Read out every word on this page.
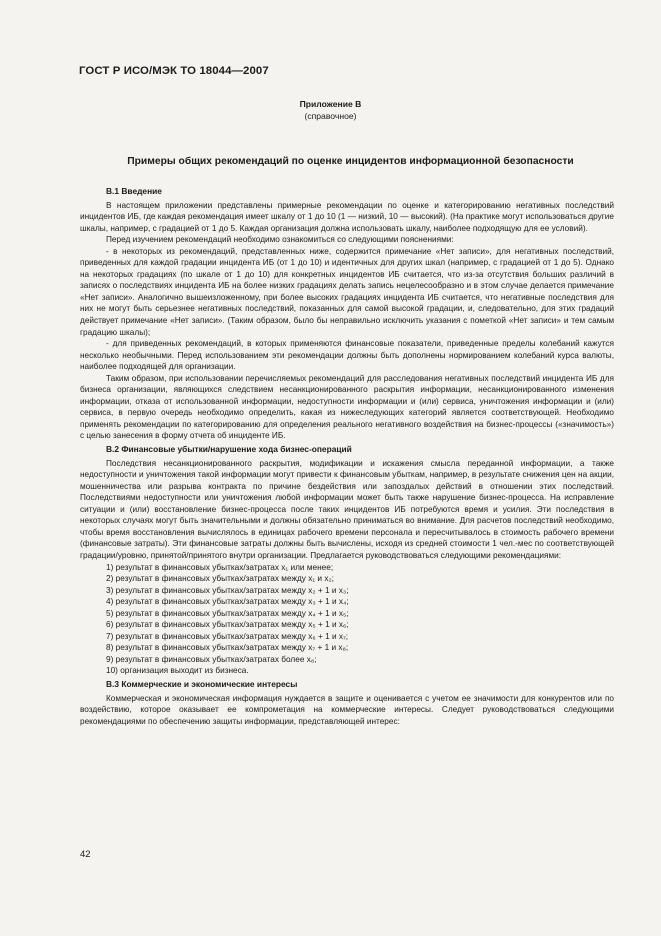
ГОСТ Р ИСО/МЭК ТО 18044—2007
Приложение В
(справочное)
Примеры общих рекомендаций по оценке инцидентов информационной безопасности
В.1 Введение

В настоящем приложении представлены примерные рекомендации по оценке и категорированию негативных последствий инцидентов ИБ, где каждая рекомендация имеет шкалу от 1 до 10 (1 — низкий, 10 — высокий). (На практике могут использоваться другие шкалы, например, с градацией от 1 до 5. Каждая организация должна использовать шкалу, наиболее подходящую для ее условий).

Перед изучением рекомендаций необходимо ознакомиться со следующими пояснениями:

- в некоторых из рекомендаций, представленных ниже, содержится примечание «Нет записи», для негативных последствий, приведенных для каждой градации инцидента ИБ (от 1 до 10) и идентичных для других шкал (например, с градацией от 1 до 5). Однако на некоторых градациях (по шкале от 1 до 10) для конкретных инцидентов ИБ считается, что из-за отсутствия больших различий в записях о последствиях инцидента ИБ на более низких градациях делать запись нецелесообразно и в этом случае делается примечание «Нет записи». Аналогично вышеизложенному, при более высоких градациях инцидента ИБ считается, что негативные последствия для них не могут быть серьезнее негативных последствий, показанных для самой высокой градации, и, следовательно, для этих градаций действует примечание «Нет записи». (Таким образом, было бы неправильно исключить указания с пометкой «Нет записи» и тем самым градацию шкалы);

- для приведенных рекомендаций, в которых применяются финансовые показатели, приведенные пределы колебаний кажутся несколько необычными. Перед использованием эти рекомендации должны быть дополнены нормированием колебаний курса валюты, наиболее подходящей для организации.

Таким образом, при использовании перечисляемых рекомендаций для расследования негативных последствий инцидента ИБ для бизнеса организации, являющихся следствием несанкционированного раскрытия информации, несанкционированного изменения информации, отказа от использованной информации, недоступности информации и (или) сервиса, уничтожения информации и (или) сервиса, в первую очередь необходимо определить, какая из нижеследующих категорий является соответствующей. Необходимо применять рекомендации по категорированию для определения реального негативного воздействия на бизнес-процессы («значимость») с целью занесения в форму отчета об инциденте ИБ.

В.2 Финансовые убытки/нарушение хода бизнес-операций

Последствия несанкционированного раскрытия, модификации и искажения смысла переданной информации, а также недоступности и уничтожения такой информации могут привести к финансовым убыткам, например, в результате снижения цен на акции, мошенничества или разрыва контракта по причине бездействия или запоздалых действий в отношении этих последствий. Последствиями недоступности или уничтожения любой информации может быть также нарушение бизнес-процесса. На исправление ситуации и (или) восстановление бизнес-процесса после таких инцидентов ИБ потребуются время и усилия. Эти последствия в некоторых случаях могут быть значительными и должны обязательно приниматься во внимание. Для расчетов последствий необходимо, чтобы время восстановления вычислялось в единицах рабочего времени персонала и пересчитывалось в стоимость рабочего времени (финансовые затраты). Эти финансовые затраты должны быть вычислены, исходя из средней стоимости 1 чел.-мес по соответствующей градации/уровню, принятой/принятого внутри организации. Предлагается руководствоваться следующими рекомендациями:

1) результат в финансовых убытках/затратах x₁ или менее;
2) результат в финансовых убытках/затратах между x₁ и x₂;
3) результат в финансовых убытках/затратах между x₂ + 1 и x₃;
4) результат в финансовых убытках/затратах между x₃ + 1 и x₄;
5) результат в финансовых убытках/затратах между x₄ + 1 и x₅;
6) результат в финансовых убытках/затратах между x₅ + 1 и x₆;
7) результат в финансовых убытках/затратах между x₆ + 1 и x₇;
8) результат в финансовых убытках/затратах между x₇ + 1 и x₈;
9) результат в финансовых убытках/затратах более x₈;
10) организация выходит из бизнеса.
В.3 Коммерческие и экономические интересы

Коммерческая и экономическая информация нуждается в защите и оценивается с учетом ее значимости для конкурентов или по воздействию, которое оказывает ее компрометация на коммерческие интересы. Следует руководствоваться следующими рекомендациями по обеспечению защиты информации, представляющей интерес:

42
